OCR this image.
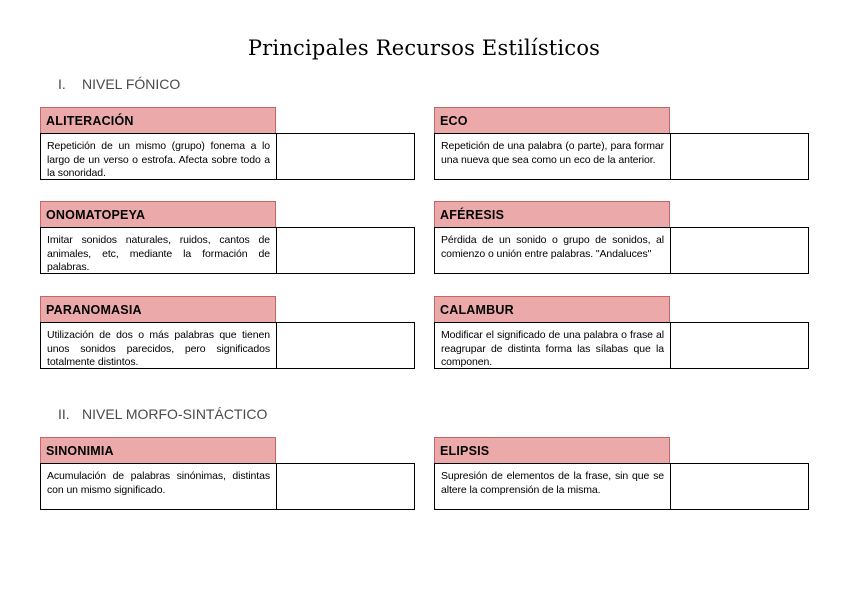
Principales Recursos Estilísticos
I. NIVEL FÓNICO
ALITERACIÓN
Repetición de un mismo (grupo) fonema a lo largo de un verso o estrofa. Afecta sobre todo a la sonoridad.
ECO
Repetición de una palabra (o parte), para formar una nueva que sea como un eco de la anterior.
ONOMATOPEYA
Imitar sonidos naturales, ruidos, cantos de animales, etc, mediante la formación de palabras.
AFÉRESIS
Pérdida de un sonido o grupo de sonidos, al comienzo o unión entre palabras. "Andaluces"
PARANOMASIA
Utilización de dos o más palabras que tienen unos sonidos parecidos, pero significados totalmente distintos.
CALAMBUR
Modificar el significado de una palabra o frase al reagrupar de distinta forma las sílabas que la componen.
II. NIVEL MORFO-SINTÁCTICO
SINONIMIA
Acumulación de palabras sinónimas, distintas con un mismo significado.
ELIPSIS
Supresión de elementos de la frase, sin que se altere la comprensión de la misma.
